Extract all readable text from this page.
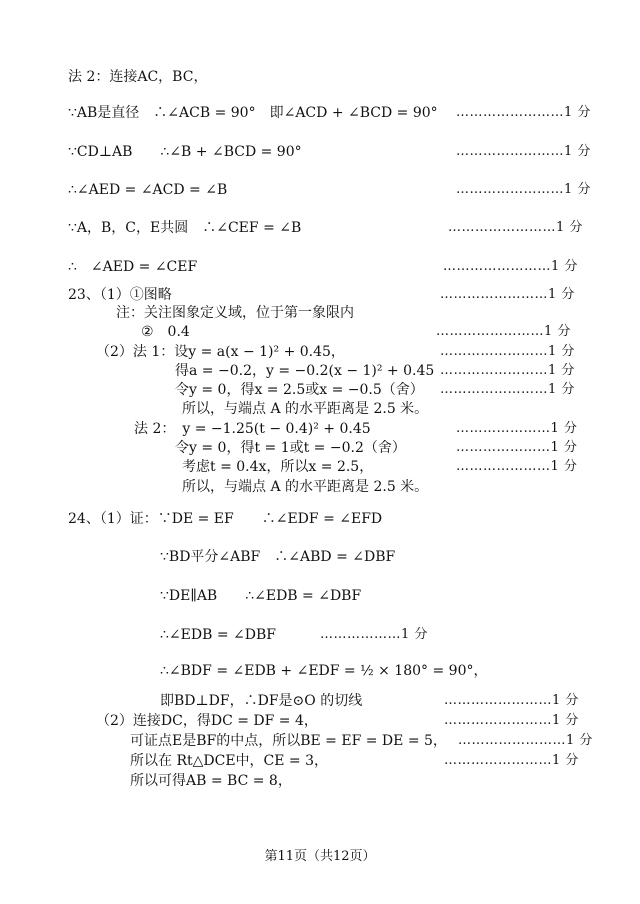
法 2：连接AC，BC，
∵AB是直径　∴∠ACB = 90°　即∠ACD + ∠BCD = 90° ……………………1 分
∵CD⊥AB　　∴∠B + ∠BCD = 90°	……………………1 分
∴∠AED = ∠ACD = ∠B	……………………1 分
∵A，B，C，E共圆　∴∠CEF = ∠B	……………………1 分
∴　∠AED = ∠CEF	……………………1 分
23、（1）①图略	……………………1 分
注：关注图象定义域，位于第一象限内
②　0.4	……………………1 分
（2）法 1：设y = a(x − 1)² + 0.45，	……………………1 分
得a = −0.2，y = −0.2(x − 1)² + 0.45 ……………………1 分
令y = 0，得x = 2.5或x = −0.5（舍） ……………………1 分
所以，与端点 A 的水平距离是 2.5 米。
法 2：　y = −1.25(t − 0.4)² + 0.45	…………………1 分
令y = 0，得t = 1或t = −0.2（舍）	…………………1 分
考虑t = 0.4x，所以x = 2.5，	…………………1 分
所以，与端点 A 的水平距离是 2.5 米。
24、（1）证：∵DE = EF　　∴∠EDF = ∠EFD
∵BD平分∠ABF　∴∠ABD = ∠DBF
∵DE∥AB　　∴∠EDB = ∠DBF
∴∠EDB = ∠DBF	………………1 分
∴∠BDF = ∠EDB + ∠EDF = ½ × 180° = 90°，
即BD⊥DF，∴DF是⊙O 的切线	……………………1 分
（2）连接DC，得DC = DF = 4，	……………………1 分
可证点E是BF的中点，所以BE = EF = DE = 5， ……………………1 分
所以在 Rt△DCE中，CE = 3，	……………………1 分
所以可得AB = BC = 8，
第11页（共12页）
